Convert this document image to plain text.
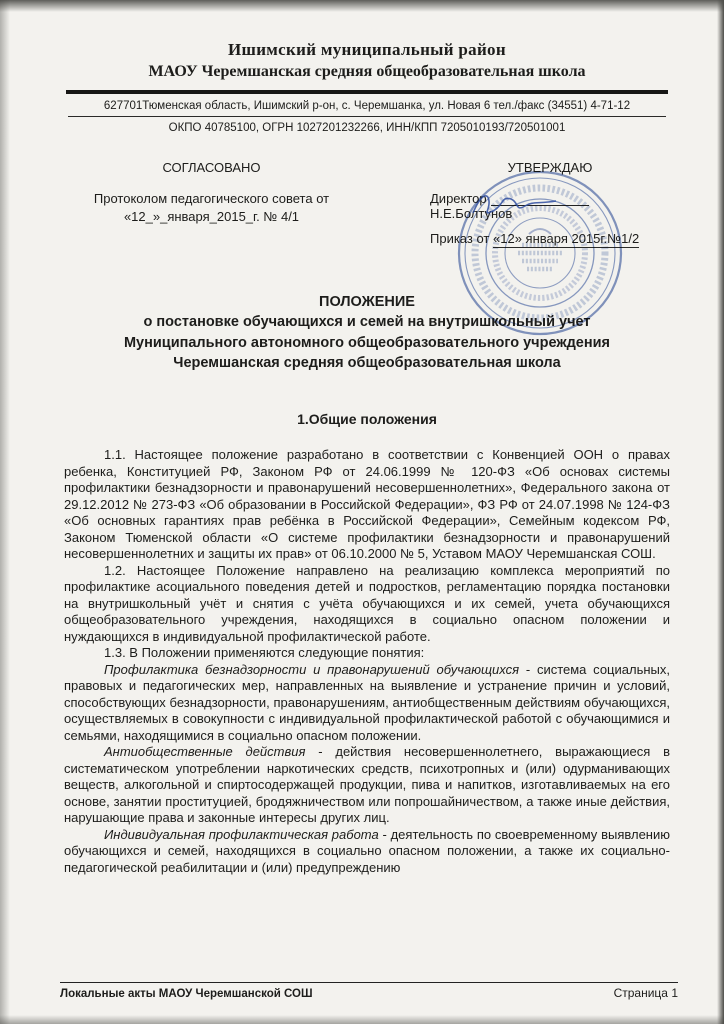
Ишимский муниципальный район
МАОУ Черемшанская средняя общеобразовательная школа
627701Тюменская область, Ишимский р-он, с. Черемшанка, ул. Новая 6 тел./факс (34551) 4-71-12
ОКПО 40785100, ОГРН 1027201232266, ИНН/КПП 7205010193/720501001
СОГЛАСОВАНО
Протоколом педагогического совета от
«12_»_января_2015_г. № 4/1
УТВЕРЖДАЮ
ДиректорН.Е.Болтунов
Приказ от «12» января 2015г.№1/2
ПОЛОЖЕНИЕ
о постановке обучающихся и семей на внутришкольный учет
Муниципального автономного общеобразовательного учреждения
Черемшанская средняя общеобразовательная школа
1.Общие положения

1.1. Настоящее положение разработано в соответствии с Конвенцией ООН о правах ребенка, Конституцией РФ, Законом РФ от 24.06.1999 № 120-ФЗ «Об основах системы профилактики безнадзорности и правонарушений несовершеннолетних», Федерального закона от 29.12.2012 № 273-ФЗ «Об образовании в Российской Федерации», ФЗ РФ от 24.07.1998 № 124-ФЗ «Об основных гарантиях прав ребёнка в Российской Федерации», Семейным кодексом РФ, Законом Тюменской области «О системе профилактики безнадзорности и правонарушений несовершеннолетних и защиты их прав» от 06.10.2000 № 5, Уставом МАОУ Черемшанская СОШ.

1.2. Настоящее Положение направлено на реализацию комплекса мероприятий по профилактике асоциального поведения детей и подростков, регламентацию порядка постановки на внутришкольный учёт и снятия с учёта обучающихся и их семей, учета обучающихся общеобразовательного учреждения, находящихся в социально опасном положении и нуждающихся в индивидуальной профилактической работе.

1.3. В Положении применяются следующие понятия:

Профилактика безнадзорности и правонарушений обучающихся - система социальных, правовых и педагогических мер, направленных на выявление и устранение причин и условий, способствующих безнадзорности, правонарушениям, антиобщественным действиям обучающихся, осуществляемых в совокупности с индивидуальной профилактической работой с обучающимися и семьями, находящимися в социально опасном положении.

Антиобщественные действия - действия несовершеннолетнего, выражающиеся в систематическом употреблении наркотических средств, психотропных и (или) одурманивающих веществ, алкогольной и спиртосодержащей продукции, пива и напитков, изготавливаемых на его основе, занятии проституцией, бродяжничеством или попрошайничеством, а также иные действия, нарушающие права и законные интересы других лиц.

Индивидуальная профилактическая работа - деятельность по своевременному выявлению обучающихся и семей, находящихся в социально опасном положении, а также их социально-педагогической реабилитации и (или) предупреждению

Локальные акты МАОУ Черемшанской СОШ	Страница 1
